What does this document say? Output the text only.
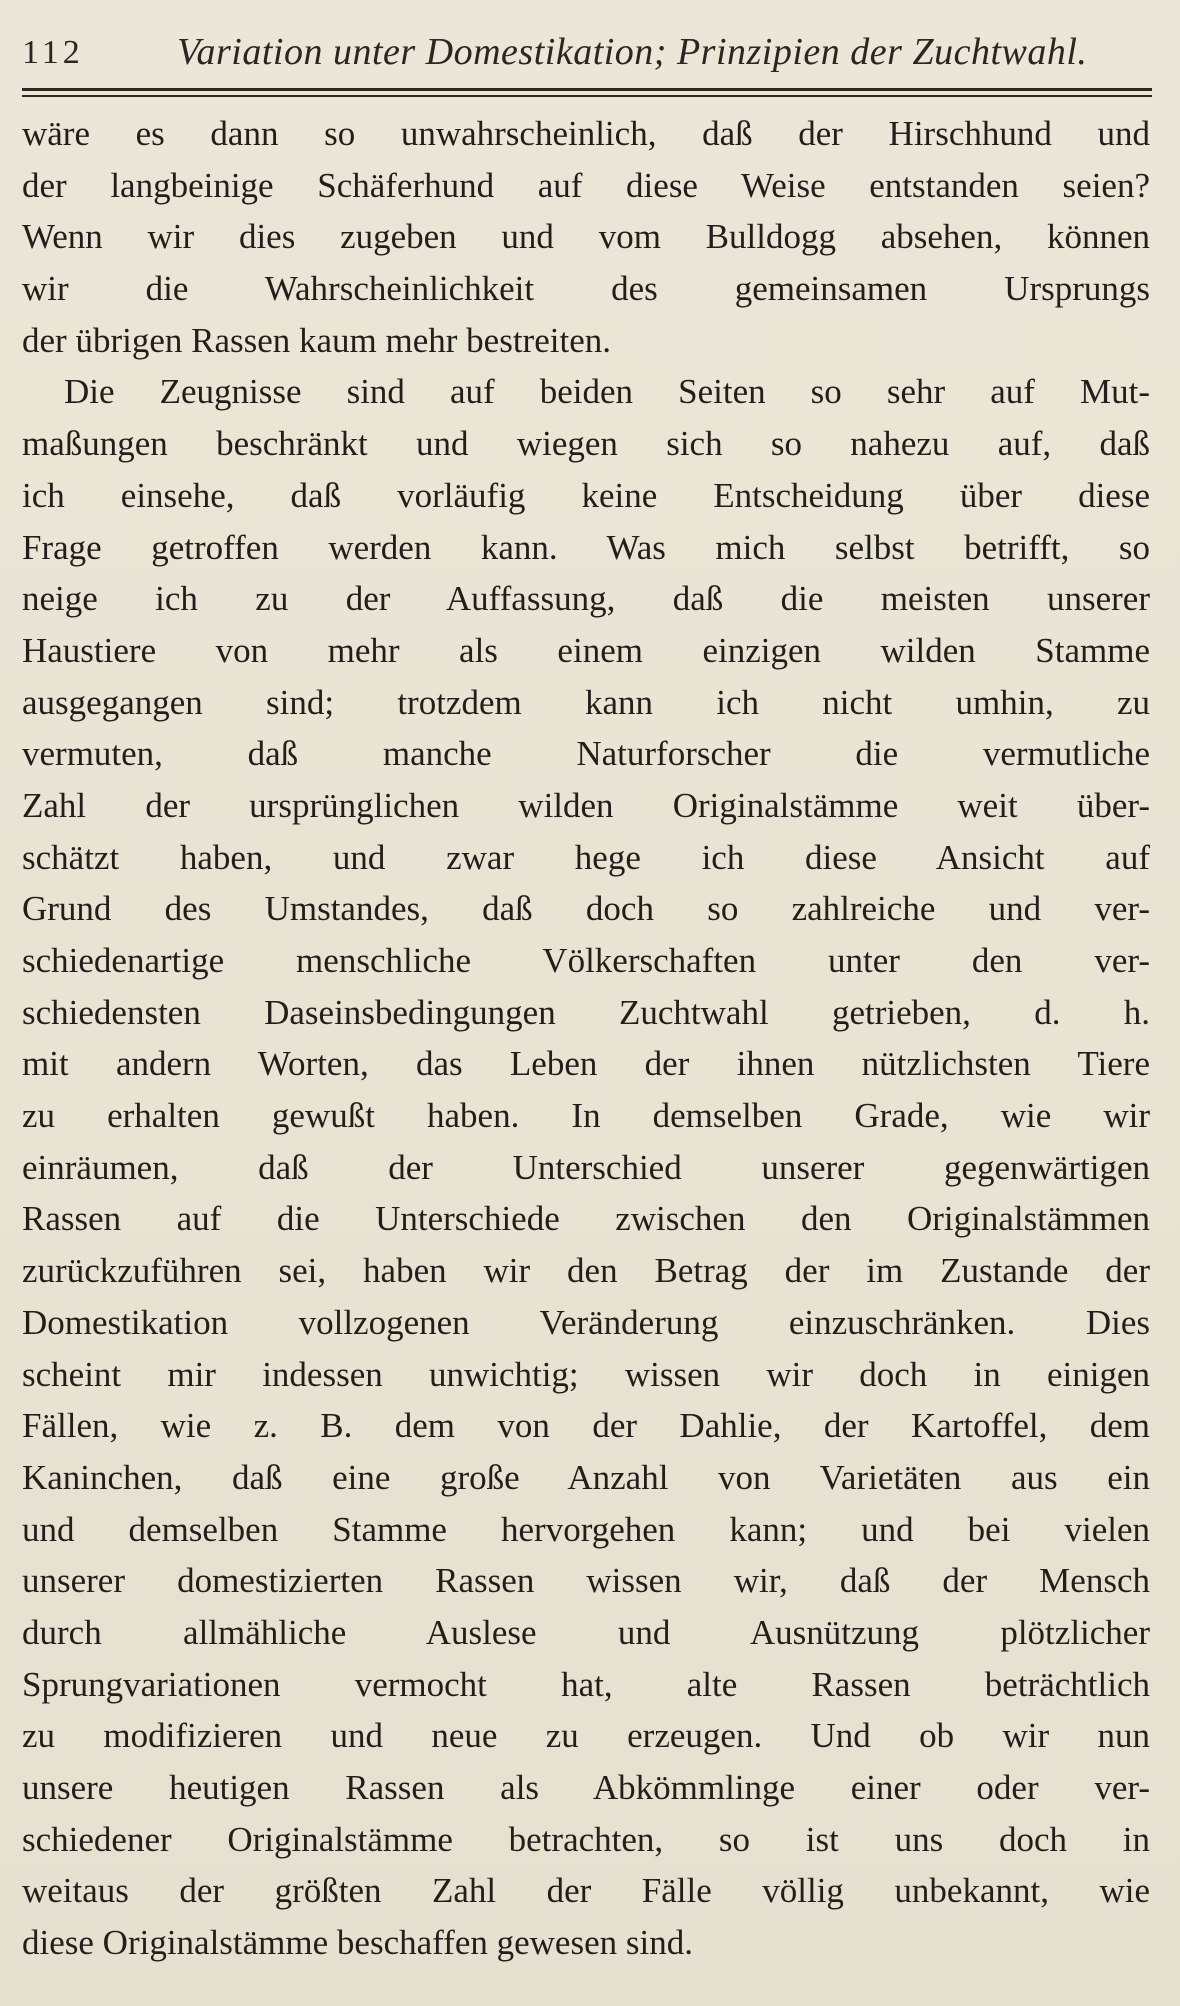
112 Variation unter Domestikation; Prinzipien der Zuchtwahl.
wäre es dann so unwahrscheinlich, daß der Hirschhund und
der langbeinige Schäferhund auf diese Weise entstanden seien?
Wenn wir dies zugeben und vom Bulldogg absehen, können
wir die Wahrscheinlichkeit des gemeinsamen Ursprungs
der übrigen Rassen kaum mehr bestreiten.
Die Zeugnisse sind auf beiden Seiten so sehr auf Mut-
maßungen beschränkt und wiegen sich so nahezu auf, daß
ich einsehe, daß vorläufig keine Entscheidung über diese
Frage getroffen werden kann. Was mich selbst betrifft, so
neige ich zu der Auffassung, daß die meisten unserer
Haustiere von mehr als einem einzigen wilden Stamme
ausgegangen sind; trotzdem kann ich nicht umhin, zu
vermuten, daß manche Naturforscher die vermutliche
Zahl der ursprünglichen wilden Originalstämme weit über-
schätzt haben, und zwar hege ich diese Ansicht auf
Grund des Umstandes, daß doch so zahlreiche und ver-
schiedenartige menschliche Völkerschaften unter den ver-
schiedensten Daseinsbedingungen Zuchtwahl getrieben, d. h.
mit andern Worten, das Leben der ihnen nützlichsten Tiere
zu erhalten gewußt haben. In demselben Grade, wie wir
einräumen, daß der Unterschied unserer gegenwärtigen
Rassen auf die Unterschiede zwischen den Originalstämmen
zurückzuführen sei, haben wir den Betrag der im Zustande der
Domestikation vollzogenen Veränderung einzuschränken. Dies
scheint mir indessen unwichtig; wissen wir doch in einigen
Fällen, wie z. B. dem von der Dahlie, der Kartoffel, dem
Kaninchen, daß eine große Anzahl von Varietäten aus ein
und demselben Stamme hervorgehen kann; und bei vielen
unserer domestizierten Rassen wissen wir, daß der Mensch
durch allmähliche Auslese und Ausnützung plötzlicher
Sprungvariationen vermocht hat, alte Rassen beträchtlich
zu modifizieren und neue zu erzeugen. Und ob wir nun
unsere heutigen Rassen als Abkömmlinge einer oder ver-
schiedener Originalstämme betrachten, so ist uns doch in
weitaus der größten Zahl der Fälle völlig unbekannt, wie
diese Originalstämme beschaffen gewesen sind.
